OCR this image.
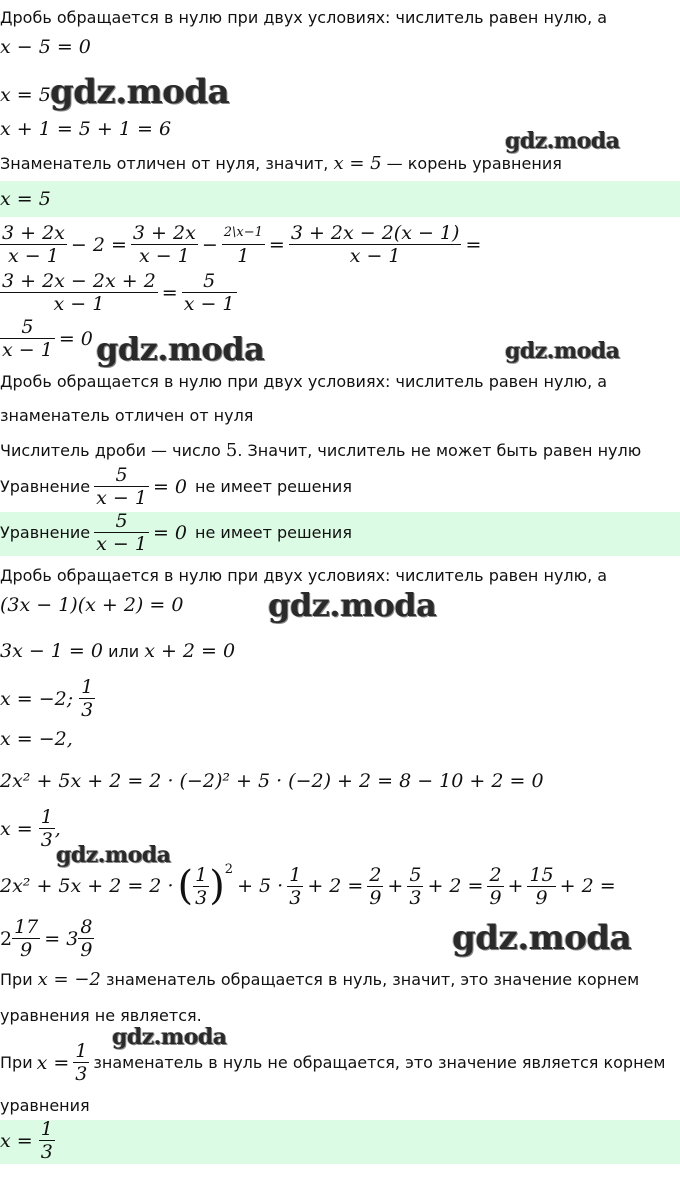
Дробь обращается в нулю при двух условиях: числитель равен нулю, а
x − 5 = 0
x = 5
x + 1 = 5 + 1 = 6
Знаменатель отличен от нуля, значит, x = 5 — корень уравнения
x = 5
$\frac{3 + 2x}{x - 1} - 2 = \frac{3 + 2x}{x - 1} - \frac{2\backslash x-1}{1} = \frac{3 + 2x - 2(x - 1)}{x - 1}$ =
$\frac{3 + 2x - 2x + 2}{x - 1} = \frac{5}{x - 1}$
$\frac{5}{x - 1} = 0$
Дробь обращается в нулю при двух условиях: числитель равен нулю, а
знаменатель отличен от нуля
Числитель дроби — число 5. Значит, числитель не может быть равен нулю
Уравнение $\frac{5}{x - 1} = 0$ не имеет решения
Уравнение $\frac{5}{x - 1} = 0$ не имеет решения
Дробь обращается в нулю при двух условиях: числитель равен нулю, а
(3x − 1)(x + 2) = 0
3x − 1 = 0 или x + 2 = 0
x = −2; $\frac{1}{3}$
x = −2,
2x² + 5x + 2 = 2 · (−2)² + 5 · (−2) + 2 = 8 − 10 + 2 = 0
$x = \frac{1}{3}$ ,
2x² + 5x + 2 = 2 · ( $\frac{1}{3}$ ) 2
+ $5 \cdot \frac{1}{3} + 2 = \frac{2}{9} + \frac{5}{3} + 2 = \frac{2}{9} + \frac{15}{9} + 2$ =
$2 \frac{17}{9} = 3 \frac{8}{9}$
При x = −2 знаменатель обращается в нуль, значит, это значение корнем
уравнения не является.
При $x = \frac{1}{3}$ знаменатель в нуль не обращается, это значение является корнем
уравнения
$x = \frac{1}{3}$
gdz.moda
gdz.moda
gdz.moda	gdz.moda
gdz.moda
gdz.moda
gdz.moda
gdz.moda
